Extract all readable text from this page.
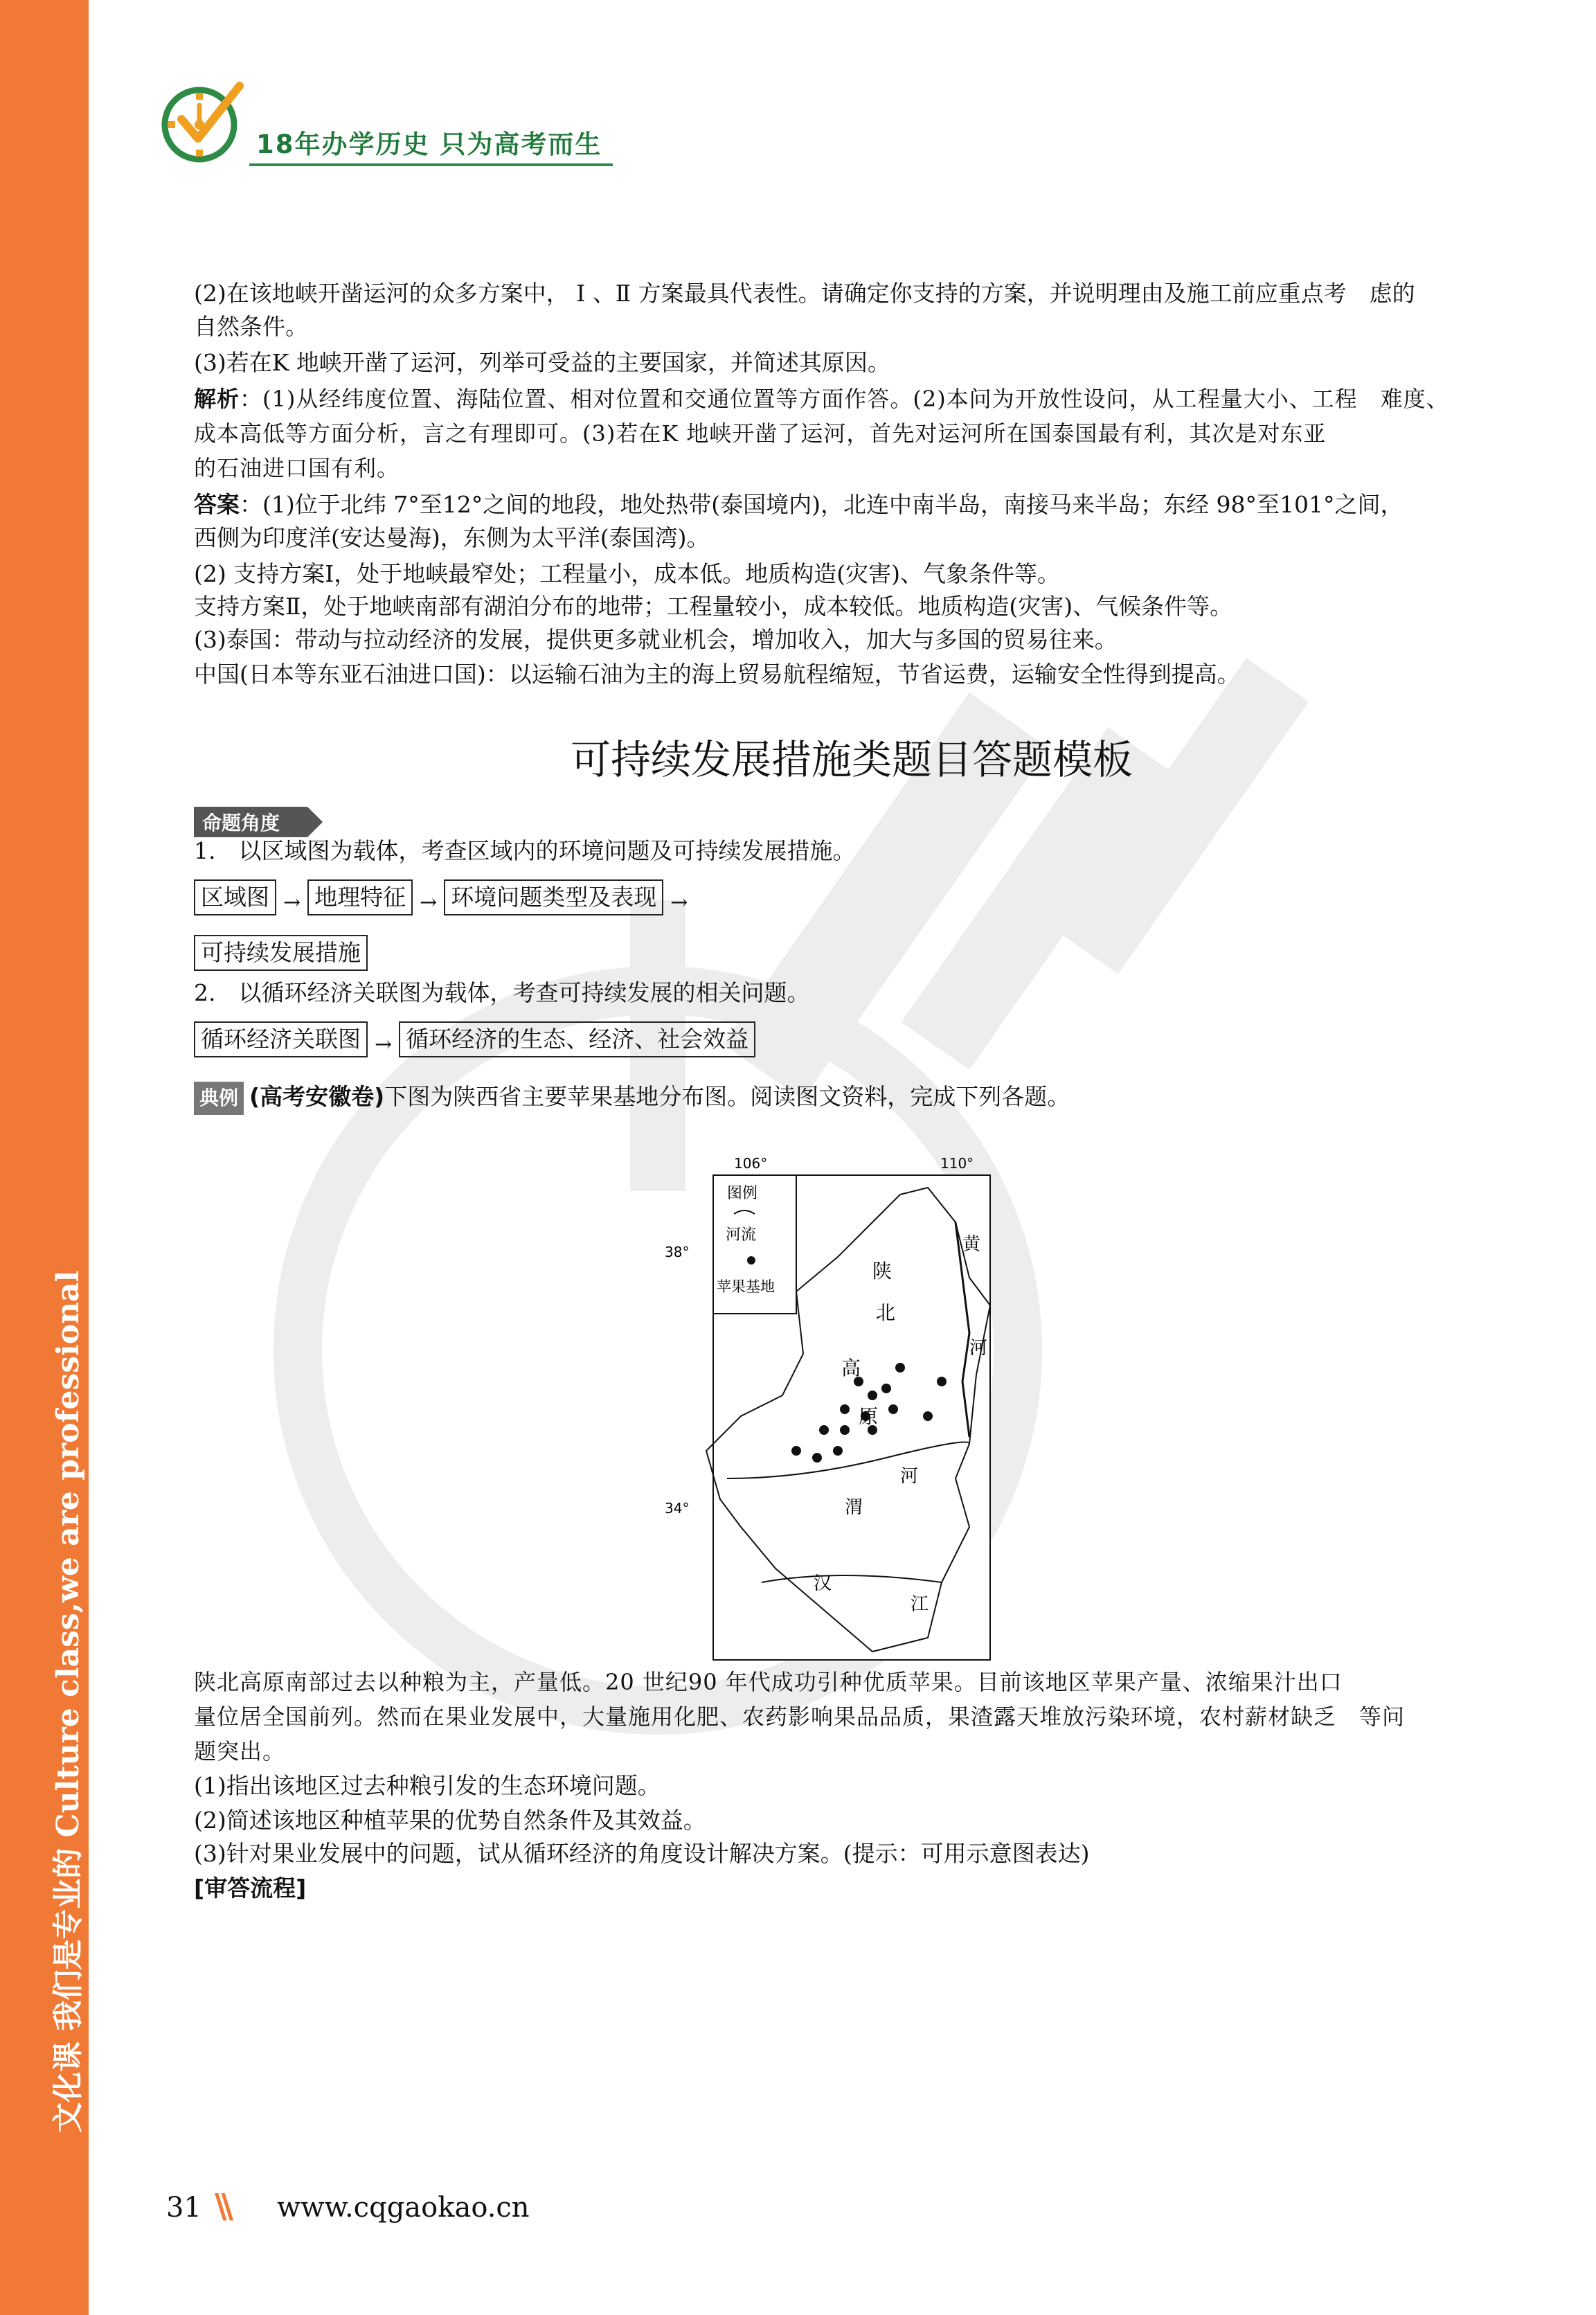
文化课 我们是专业的 Culture class,we are professional
18年办学历史 只为高考而生

(2)在该地峡开凿运河的众多方案中， Ⅰ 、Ⅱ 方案最具代表性。请确定你支持的方案，并说明理由及施工前应重点考　虑的

自然条件。

(3)若在K 地峡开凿了运河，列举可受益的主要国家，并简述其原因。

解析：(1)从经纬度位置、海陆位置、相对位置和交通位置等方面作答。(2)本问为开放性设问，从工程量大小、工程　难度、

成本高低等方面分析，言之有理即可。(3)若在K 地峡开凿了运河，首先对运河所在国泰国最有利，其次是对东亚

的石油进口国有利。

答案：(1)位于北纬 7°至12°之间的地段，地处热带(泰国境内)，北连中南半岛，南接马来半岛；东经 98°至101°之间，

西侧为印度洋(安达曼海)，东侧为太平洋(泰国湾)。

(2) 支持方案Ⅰ，处于地峡最窄处；工程量小，成本低。地质构造(灾害)、气象条件等。

支持方案Ⅱ，处于地峡南部有湖泊分布的地带；工程量较小，成本较低。地质构造(灾害)、气候条件等。

(3)泰国：带动与拉动经济的发展，提供更多就业机会，增加收入，加大与多国的贸易往来。

中国(日本等东亚石油进口国)：以运输石油为主的海上贸易航程缩短，节省运费，运输安全性得到提高。

可持续发展措施类题目答题模板
命题角度

1.　以区域图为载体，考查区域内的环境问题及可持续发展措施。

区域图 → 地理特征 → 环境问题类型及表现 →
可持续发展措施

2.　以循环经济关联图为载体，考查可持续发展的相关问题。

循环经济关联图 → 循环经济的生态、经济、社会效益

典例 (高考安徽卷)下图为陕西省主要苹果基地分布图。阅读图文资料，完成下列各题。

106°	110°
38°
34°
图例
河流
苹果基地
黄
河
陕
北
高
原
渭
河
汉
江

陕北高原南部过去以种粮为主，产量低。20 世纪90 年代成功引种优质苹果。目前该地区苹果产量、浓缩果汁出口

量位居全国前列。然而在果业发展中，大量施用化肥、农药影响果品品质，果渣露天堆放污染环境，农村薪材缺乏　等问

题突出。

(1)指出该地区过去种粮引发的生态环境问题。

(2)简述该地区种植苹果的优势自然条件及其效益。

(3)针对果业发展中的问题，试从循环经济的角度设计解决方案。(提示：可用示意图表达)

[审答流程]

31 \\ www.cqgaokao.cn
